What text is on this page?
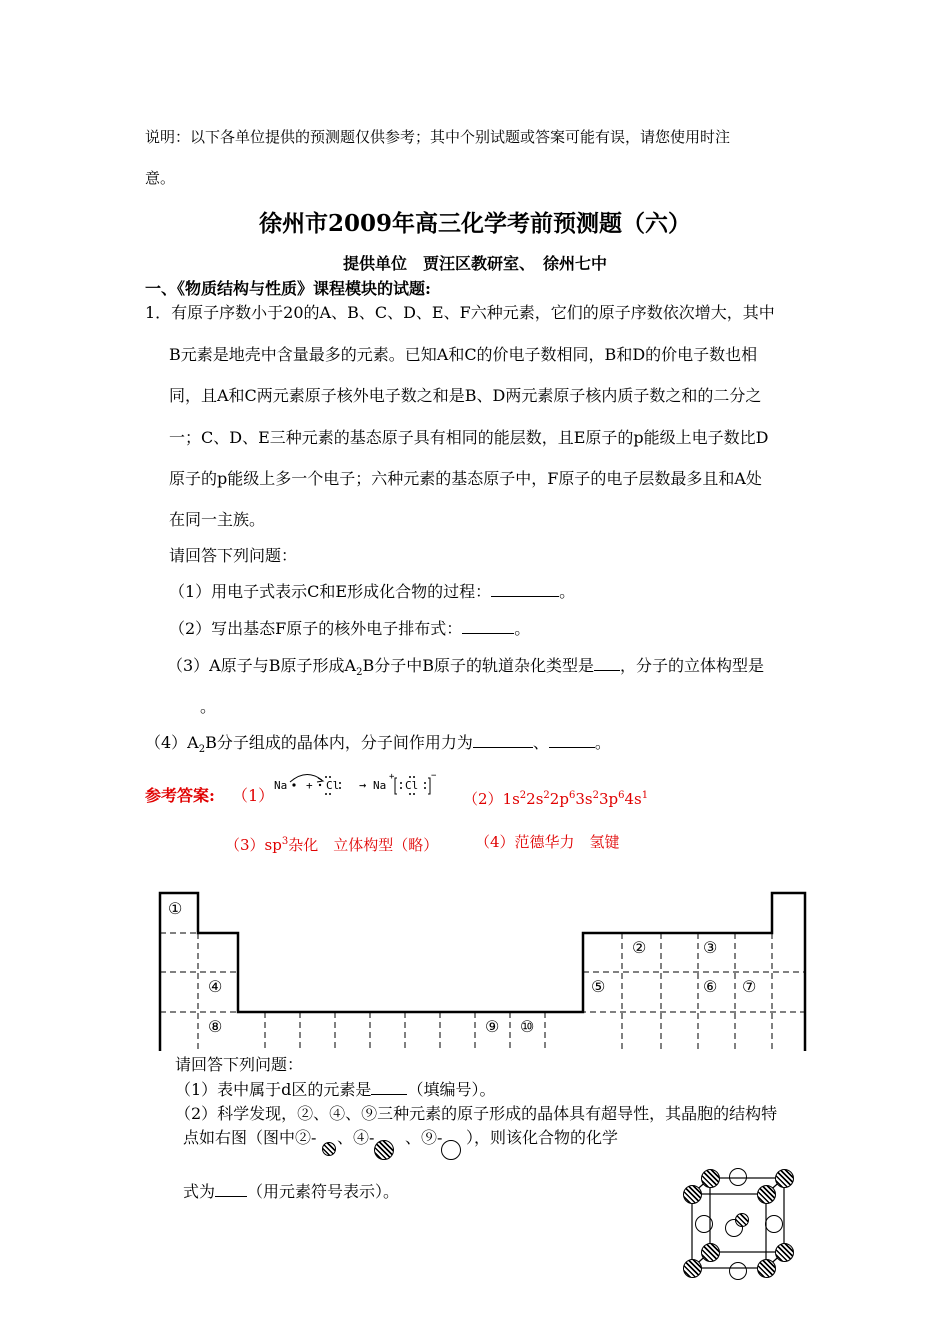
说明：以下各单位提供的预测题仅供参考；其中个别试题或答案可能有误，请您使用时注
意。
徐州市2009年高三化学考前预测题（六）
提供单位　贾汪区教研室、　徐州七中
一、《物质结构与性质》课程模块的试题:
1．有原子序数小于20的A、B、C、D、E、F六种元素，它们的原子序数依次增大，其中
B元素是地壳中含量最多的元素。已知A和C的价电子数相同，B和D的价电子数也相
同，且A和C两元素原子核外电子数之和是B、D两元素原子核内质子数之和的二分之
一；C、D、E三种元素的基态原子具有相同的能层数，且E原子的p能级上电子数比D
原子的p能级上多一个电子；六种元素的基态原子中，F原子的电子层数最多且和A处
在同一主族。
请回答下列问题：
（1）用电子式表示C和E形成化合物的过程：	。
（2）写出基态F原子的核外电子排布式：	。
（3）A原子与B原子形成$A_2B$分子中B原子的轨道杂化类型是 ，分子的立体构型是
。
$(4)A_2B$分子组成的晶体内，分子间作用力为	、	。
参考答案: （1）
Na + Cl → Na
+
Cl
−
$(2)1s^22s^22p^63s^23p^64s^1$
$(3)sp^3$杂化　立体构型（略） （4）范德华力　氢键
①
②	③
④	⑤	⑥ ⑦
⑧	⑨ ⑩
请回答下列问题：
（1）表中属于d区的元素是 （填编号）。
（2）科学发现，②、④、⑨三种元素的原子形成的晶体具有超导性，其晶胞的结构特
点如右图（图中②- 、④- 、⑨- ），则该化合物的化学
式为 （用元素符号表示）。
